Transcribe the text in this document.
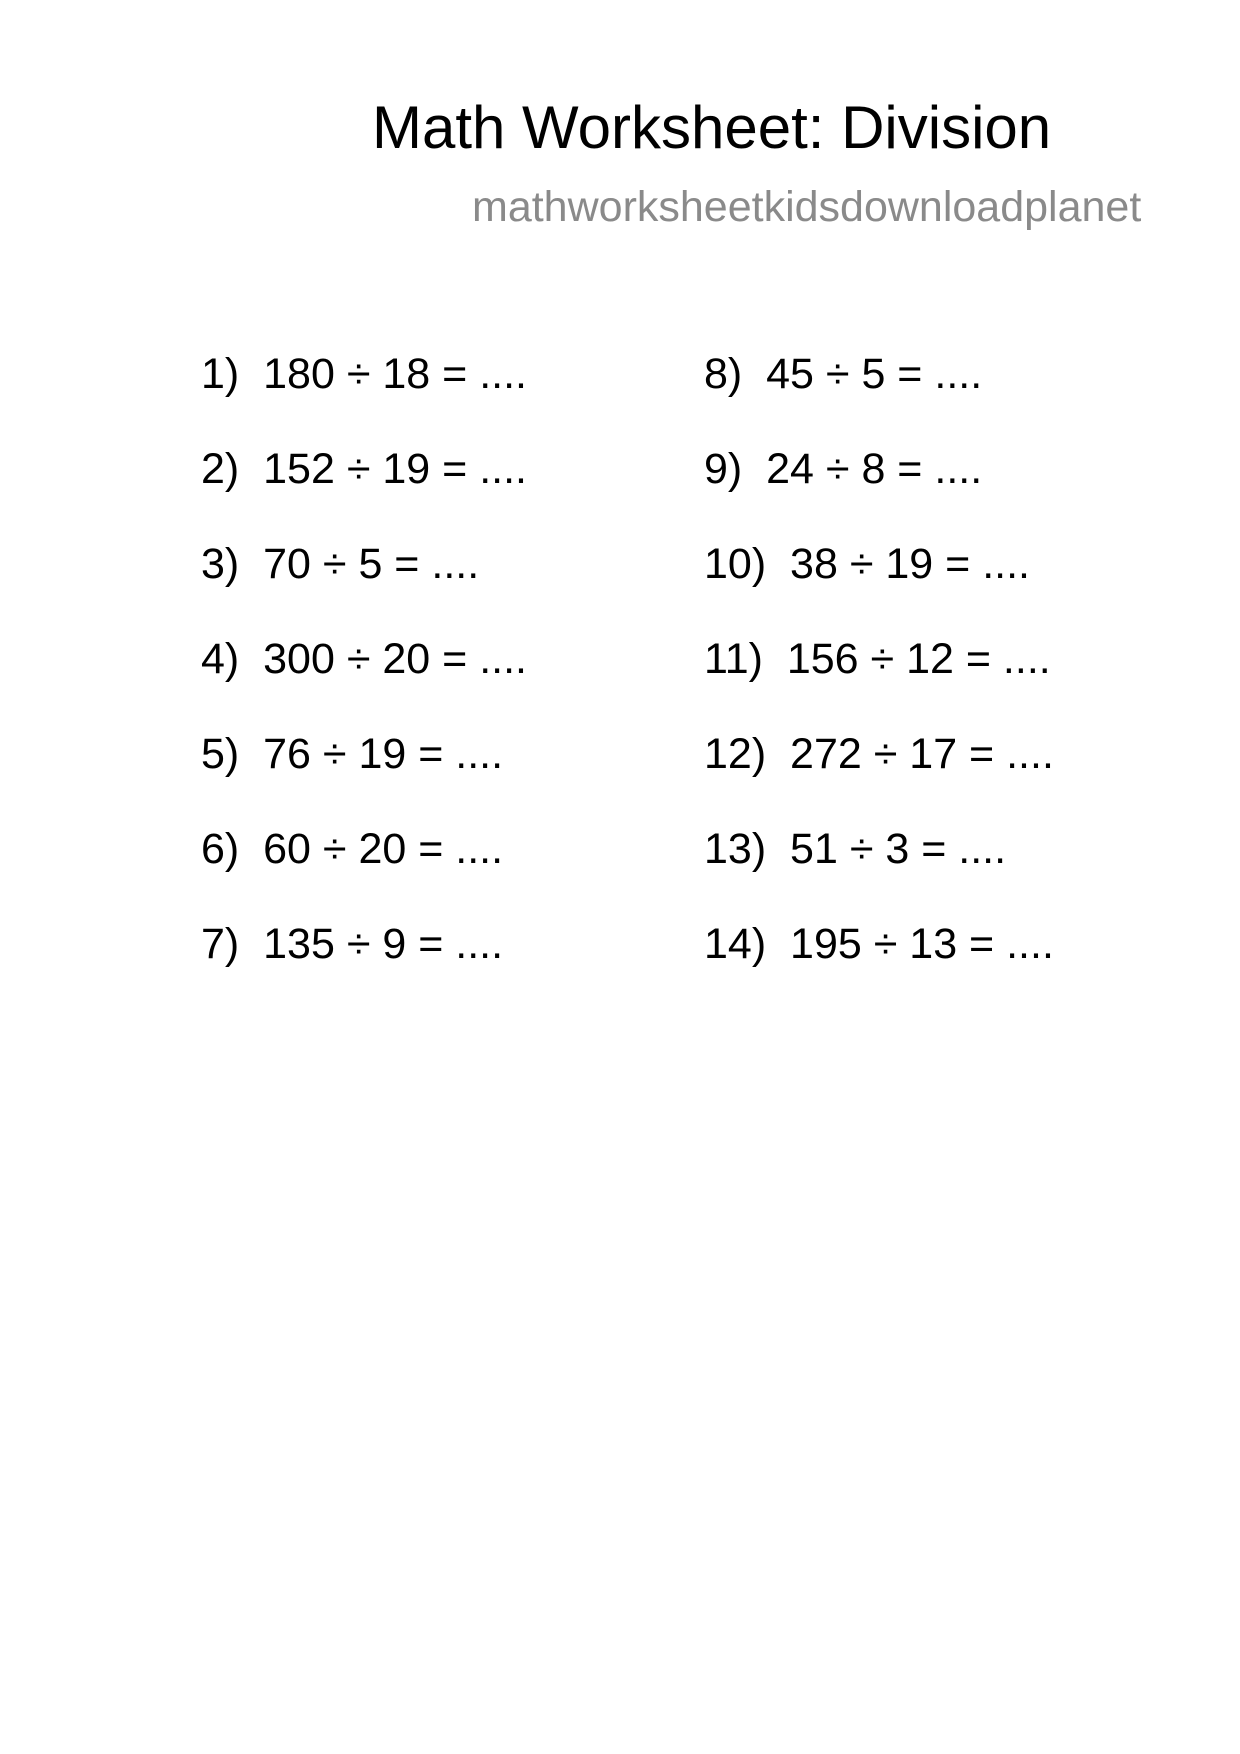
Math Worksheet: Division
mathworksheetkidsdownloadplanet
1)  180 ÷ 18 = ....
2)  152 ÷ 19 = ....
3)  70 ÷ 5 = ....
4)  300 ÷ 20 = ....
5)  76 ÷ 19 = ....
6)  60 ÷ 20 = ....
7)  135 ÷ 9 = ....
8)  45 ÷ 5 = ....
9)  24 ÷ 8 = ....
10)  38 ÷ 19 = ....
11)  156 ÷ 12 = ....
12)  272 ÷ 17 = ....
13)  51 ÷ 3 = ....
14)  195 ÷ 13 = ....
